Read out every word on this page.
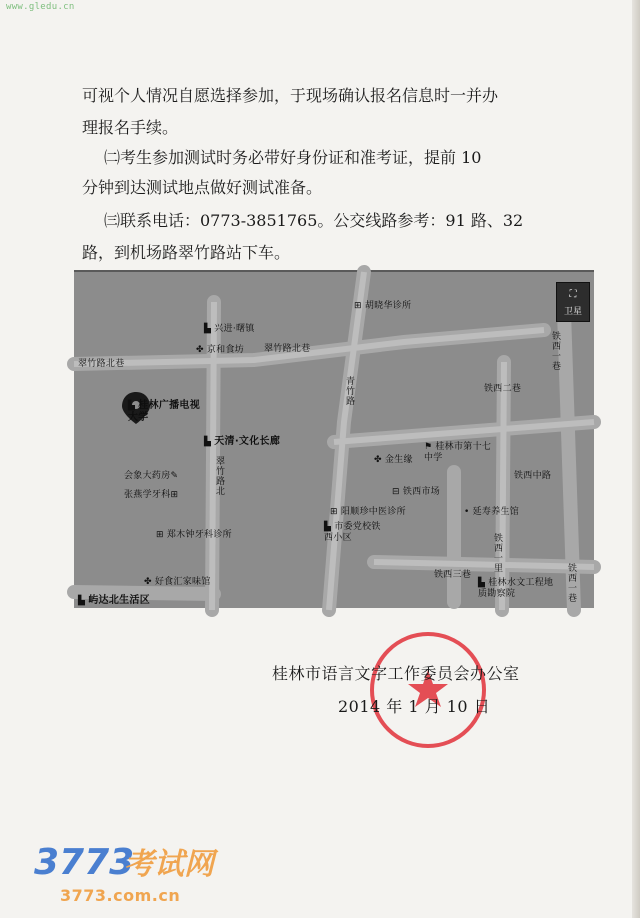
www.gledu.cn
可视个人情况自愿选择参加，于现场确认报名信息时一并办
理报名手续。
㈡考生参加测试时务必带好身份证和准考证，提前 10
分钟到达测试地点做好测试准备。
㈢联系电话：0773-3851765。公交线路参考：91 路、32
路，到机场路翠竹路站下车。
⛶
卫星
▙ 兴进·曙镇
⊞ 胡晓华诊所
✤ 京和食坊 翠竹路北巷
翠竹路北巷
青竹路
铁西二巷
铁西一巷
▙ 桂林广播电视大学
▙ 天清·文化长廊
✤ 金生缘
⚑ 桂林市第十七中学
铁西中路
会象大药房✎
张燕学牙科⊞
翠竹路北	⊟ 铁西市场
• 延寿养生馆
⊞ 阳顺珍中医诊所
⊞ 郑木钟牙科诊所
▙ 市委党校铁西小区	铁西一里
铁西三巷
▙ 桂林水文工程地质勘察院
✤ 好食汇家味馆
▙ 屿达北生活区
铁西一巷
桂林市语言文字工作委员会办公室
2014 年 1 月 10 日
3773
考试网
3773.com.cn
